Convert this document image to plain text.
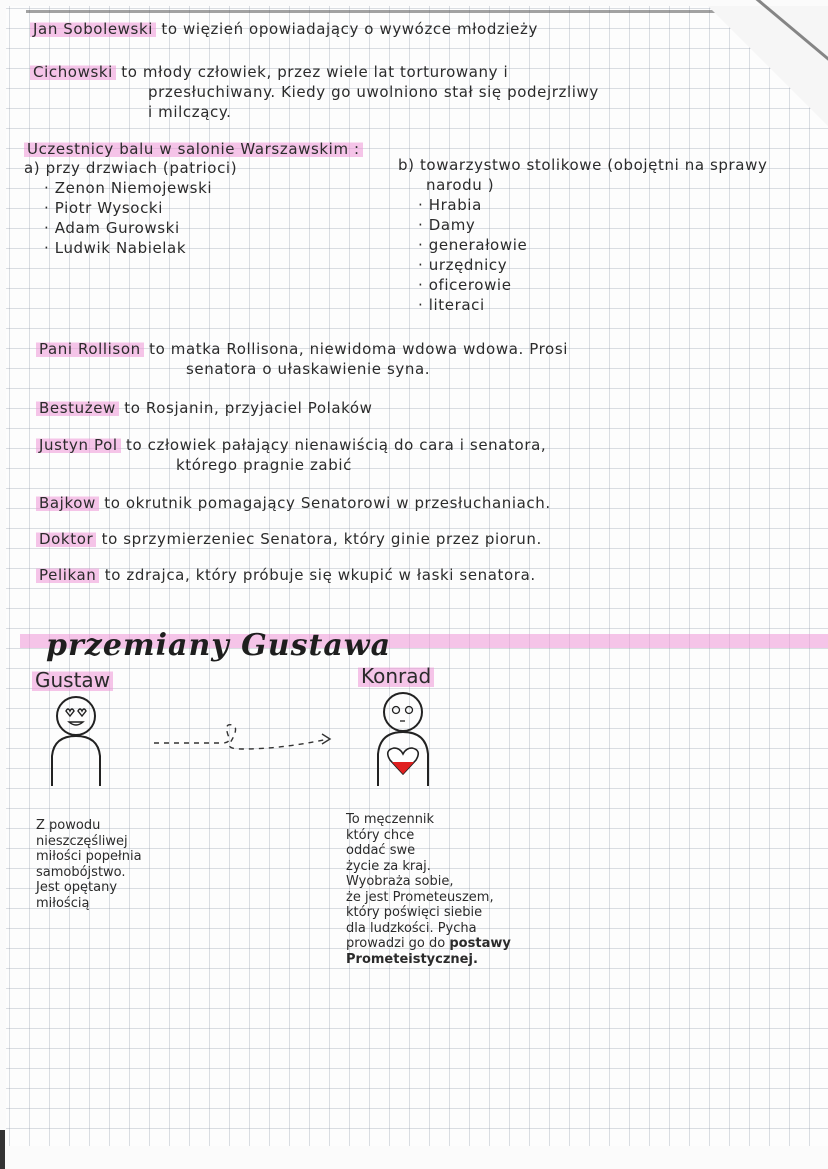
Jan Sobolewski to więzień opowiadający o wywózce młodzieży
Cichowski to młody człowiek, przez wiele lat torturowany i
przesłuchiwany. Kiedy go uwolniono stał się podejrzliwy
i milczący.
Uczestnicy balu w salonie Warszawskim :
a) przy drzwiach (patrioci)
· Zenon Niemojewski
· Piotr Wysocki
· Adam Gurowski
· Ludwik Nabielak
b) towarzystwo stolikowe (obojętni na sprawy
narodu )
· Hrabia
· Damy
· generałowie
· urzędnicy
· oficerowie
· literaci
Pani Rollison to matka Rollisona, niewidoma wdowa wdowa. Prosi
senatora o ułaskawienie syna.
Bestużew to Rosjanin, przyjaciel Polaków
Justyn Pol to człowiek pałający nienawiścią do cara i senatora,
którego pragnie zabić
Bajkow to okrutnik pomagający Senatorowi w przesłuchaniach.
Doktor to sprzymierzeniec Senatora, który ginie przez piorun.
Pelikan to zdrajca, który próbuje się wkupić w łaski senatora.
przemiany Gustawa
Gustaw	Konrad
Z powodu
nieszczęśliwej
miłości popełnia
samobójstwo.
Jest opętany
miłością
To męczennik
który chce
oddać swe
życie za kraj.
Wyobraża sobie,
że jest Prometeuszem,
który poświęci siebie
dla ludzkości. Pycha
prowadzi go do postawy
Prometeistycznej.
